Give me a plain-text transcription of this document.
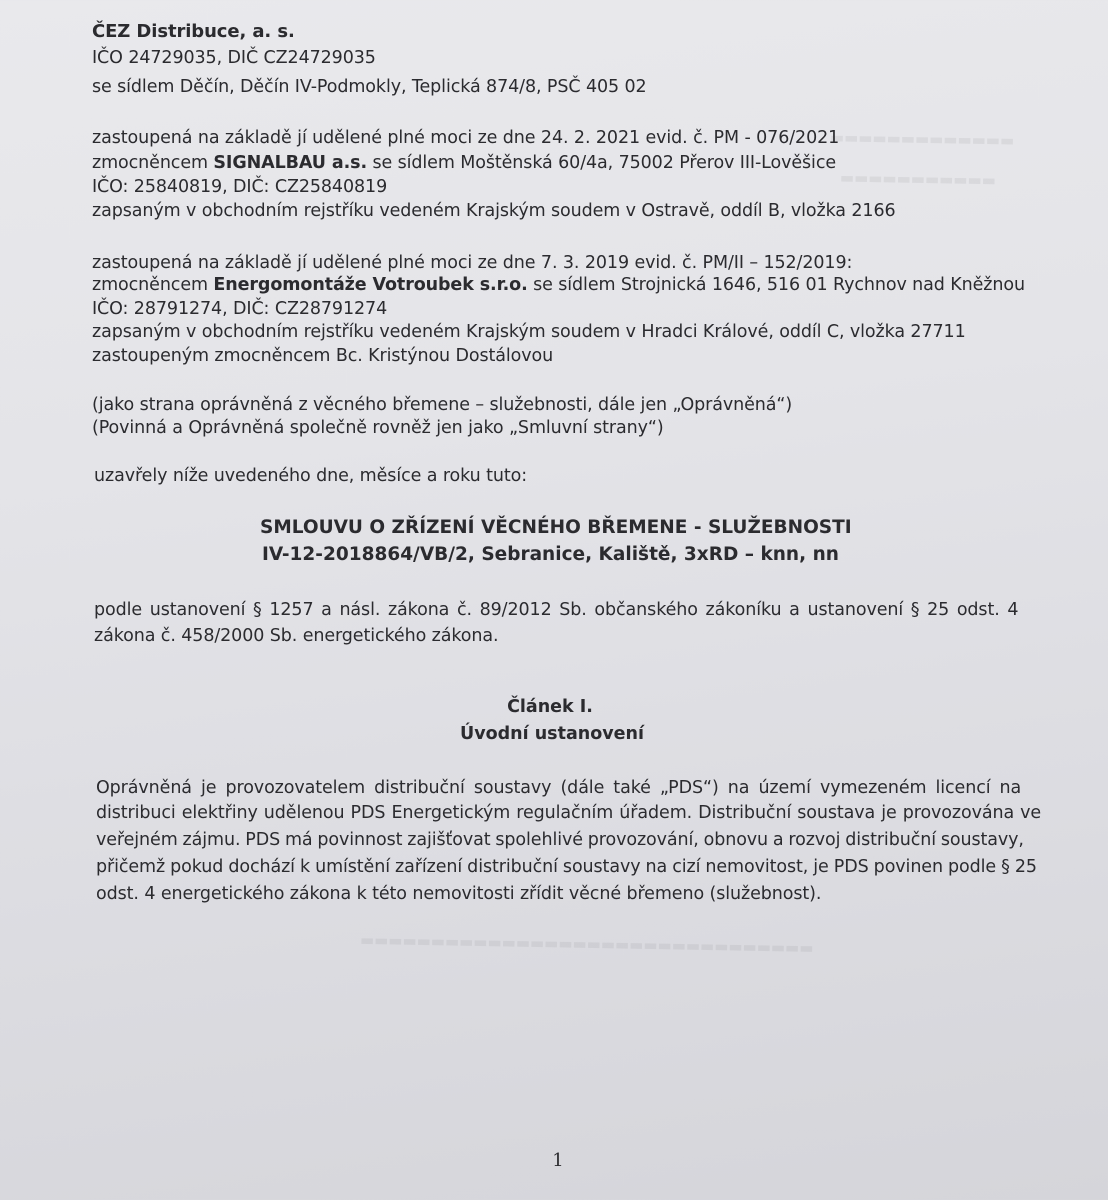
▬▬▬▬▬▬▬▬▬▬▬▬▬
▬▬▬▬▬▬▬▬▬▬▬
▬▬▬▬▬▬▬▬▬▬▬▬▬▬▬▬▬▬▬▬▬▬▬▬▬▬▬▬▬▬▬▬
ČEZ Distribuce, a. s.
IČO 24729035, DIČ CZ24729035
se sídlem Děčín, Děčín IV-Podmokly, Teplická 874/8, PSČ 405 02
zastoupená na základě jí udělené plné moci ze dne 24. 2. 2021 evid. č. PM - 076/2021
zmocněncem SIGNALBAU a.s. se sídlem Moštěnská 60/4a, 75002 Přerov III-Lověšice
IČO: 25840819, DIČ: CZ25840819
zapsaným v obchodním rejstříku vedeném Krajským soudem v Ostravě, oddíl B, vložka 2166
zastoupená na základě jí udělené plné moci ze dne 7. 3. 2019 evid. č. PM/II – 152/2019:
zmocněncem Energomontáže Votroubek s.r.o. se sídlem Strojnická 1646, 516 01 Rychnov nad Kněžnou
IČO: 28791274, DIČ: CZ28791274
zapsaným v obchodním rejstříku vedeném Krajským soudem v Hradci Králové, oddíl C, vložka 27711
zastoupeným zmocněncem Bc. Kristýnou Dostálovou
(jako strana oprávněná z věcného břemene – služebnosti, dále jen „Oprávněná“)
(Povinná a Oprávněná společně rovněž jen jako „Smluvní strany“)
uzavřely níže uvedeného dne, měsíce a roku tuto:
SMLOUVU O ZŘÍZENÍ VĚCNÉHO BŘEMENE - SLUŽEBNOSTI
IV-12-2018864/VB/2, Sebranice, Kaliště, 3xRD – knn, nn
podle ustanovení § 1257 a násl. zákona č. 89/2012 Sb. občanského zákoníku a ustanovení § 25 odst. 4
zákona č. 458/2000 Sb. energetického zákona.
Článek I.
Úvodní ustanovení
Oprávněná je provozovatelem distribuční soustavy (dále také „PDS“) na území vymezeném licencí na
distribuci elektřiny udělenou PDS Energetickým regulačním úřadem. Distribuční soustava je provozována ve
veřejném zájmu. PDS má povinnost zajišťovat spolehlivé provozování, obnovu a rozvoj distribuční soustavy,
přičemž pokud dochází k umístění zařízení distribuční soustavy na cizí nemovitost, je PDS povinen podle § 25
odst. 4 energetického zákona k této nemovitosti zřídit věcné břemeno (služebnost).
1
